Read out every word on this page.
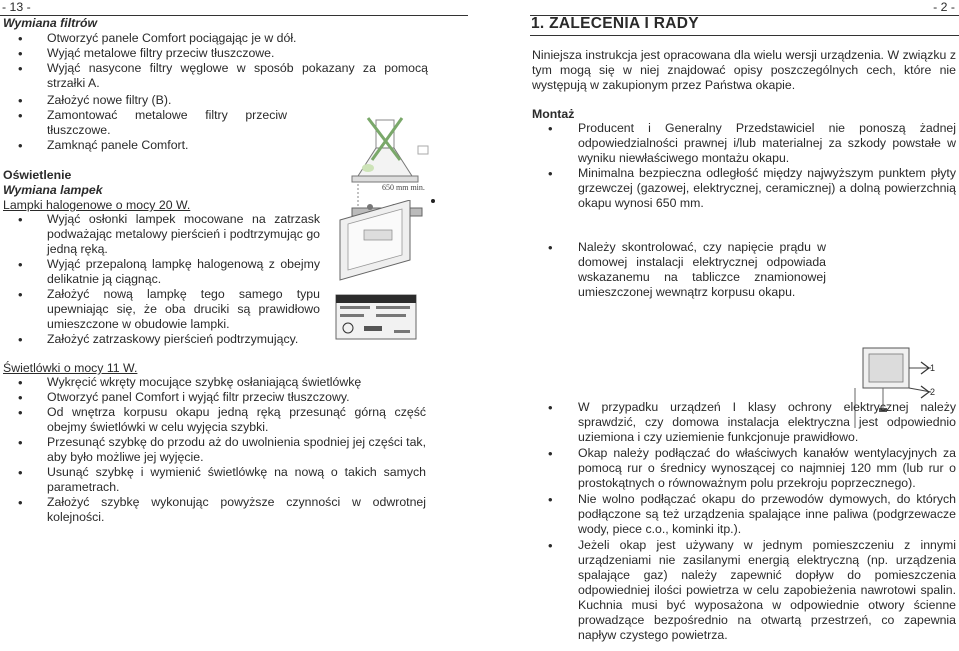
- 13 -
Wymiana filtrów
• Otworzyć panele Comfort pociągając je w dół.
• Wyjąć metalowe filtry przeciw tłuszczowe.
• Wyjąć nasycone filtry węglowe w sposób pokazany za pomocą strzałki A.
• Założyć nowe filtry (B).
• Zamontować metalowe filtry przeciw tłuszczowe.
• Zamknąć panele Comfort.
Oświetlenie
Wymiana lampek
Lampki halogenowe o mocy 20 W.
• Wyjąć osłonki lampek mocowane na zatrzask podważając metalowy pierścień i podtrzymując go jedną ręką.
• Wyjąć przepaloną lampkę halogenową z obejmy delikatnie ją ciągnąc.
• Założyć nową lampkę tego samego typu upewniając się, że oba druciki są prawidłowo umieszczone w obudowie lampki.
• Założyć zatrzaskowy pierścień podtrzymujący.
650 mm min.
Świetlówki o mocy 11 W.
• Wykręcić wkręty mocujące szybkę osłaniającą świetlówkę
• Otworzyć panel Comfort i wyjąć filtr przeciw tłuszczowy.
• Od wnętrza korpusu okapu jedną ręką przesunąć górną część obejmy świetlówki w celu wyjęcia szybki.
• Przesunąć szybkę do przodu aż do uwolnienia spodniej jej części tak, aby było możliwe jej wyjęcie.
• Usunąć szybkę i wymienić świetlówkę na nową o takich samych parametrach.
• Założyć szybkę wykonując powyższe czynności w odwrotnej kolejności.
- 2 -
1. ZALECENIA I RADY
Niniejsza instrukcja jest opracowana dla wielu wersji urządzenia. W związku z tym mogą się w niej znajdować opisy poszczególnych cech, które nie występują w zakupionym przez Państwa okapie.
Montaż
• Producent i Generalny Przedstawiciel nie ponoszą żadnej odpowiedzialności prawnej i/lub materialnej za szkody powstałe w wyniku niewłaściwego montażu okapu.
• Minimalna bezpieczna odległość między najwyższym punktem płyty grzewczej (gazowej, elektrycznej, ceramicznej) a dolną powierzchnią okapu wynosi 650 mm.
• Należy skontrolować, czy napięcie prądu w domowej instalacji elektrycznej odpowiada wskazanemu na tabliczce znamionowej umieszczonej wewnątrz korpusu okapu.
1
2
• W przypadku urządzeń I klasy ochrony elektrycznej należy sprawdzić, czy domowa instalacja elektryczna jest odpowiednio uziemiona i czy uziemienie funkcjonuje prawidłowo.
• Okap należy podłączać do właściwych kanałów wentylacyjnych za pomocą rur o średnicy wynoszącej co najmniej 120 mm (lub rur o prostokątnych o równoważnym polu przekroju poprzecznego).
• Nie wolno podłączać okapu do przewodów dymowych, do których podłączone są też urządzenia spalające inne paliwa (podgrzewacze wody, piece c.o., kominki itp.).
• Jeżeli okap jest używany w jednym pomieszczeniu z innymi urządzeniami nie zasilanymi energią elektryczną (np. urządzenia spalające gaz) należy zapewnić dopływ do pomieszczenia odpowiedniej ilości powietrza w celu zapobieżenia nawrotowi spalin. Kuchnia musi być wyposażona w odpowiednie otwory ścienne prowadzące bezpośrednio na otwartą przestrzeń, co zapewnia napływ czystego powietrza.
